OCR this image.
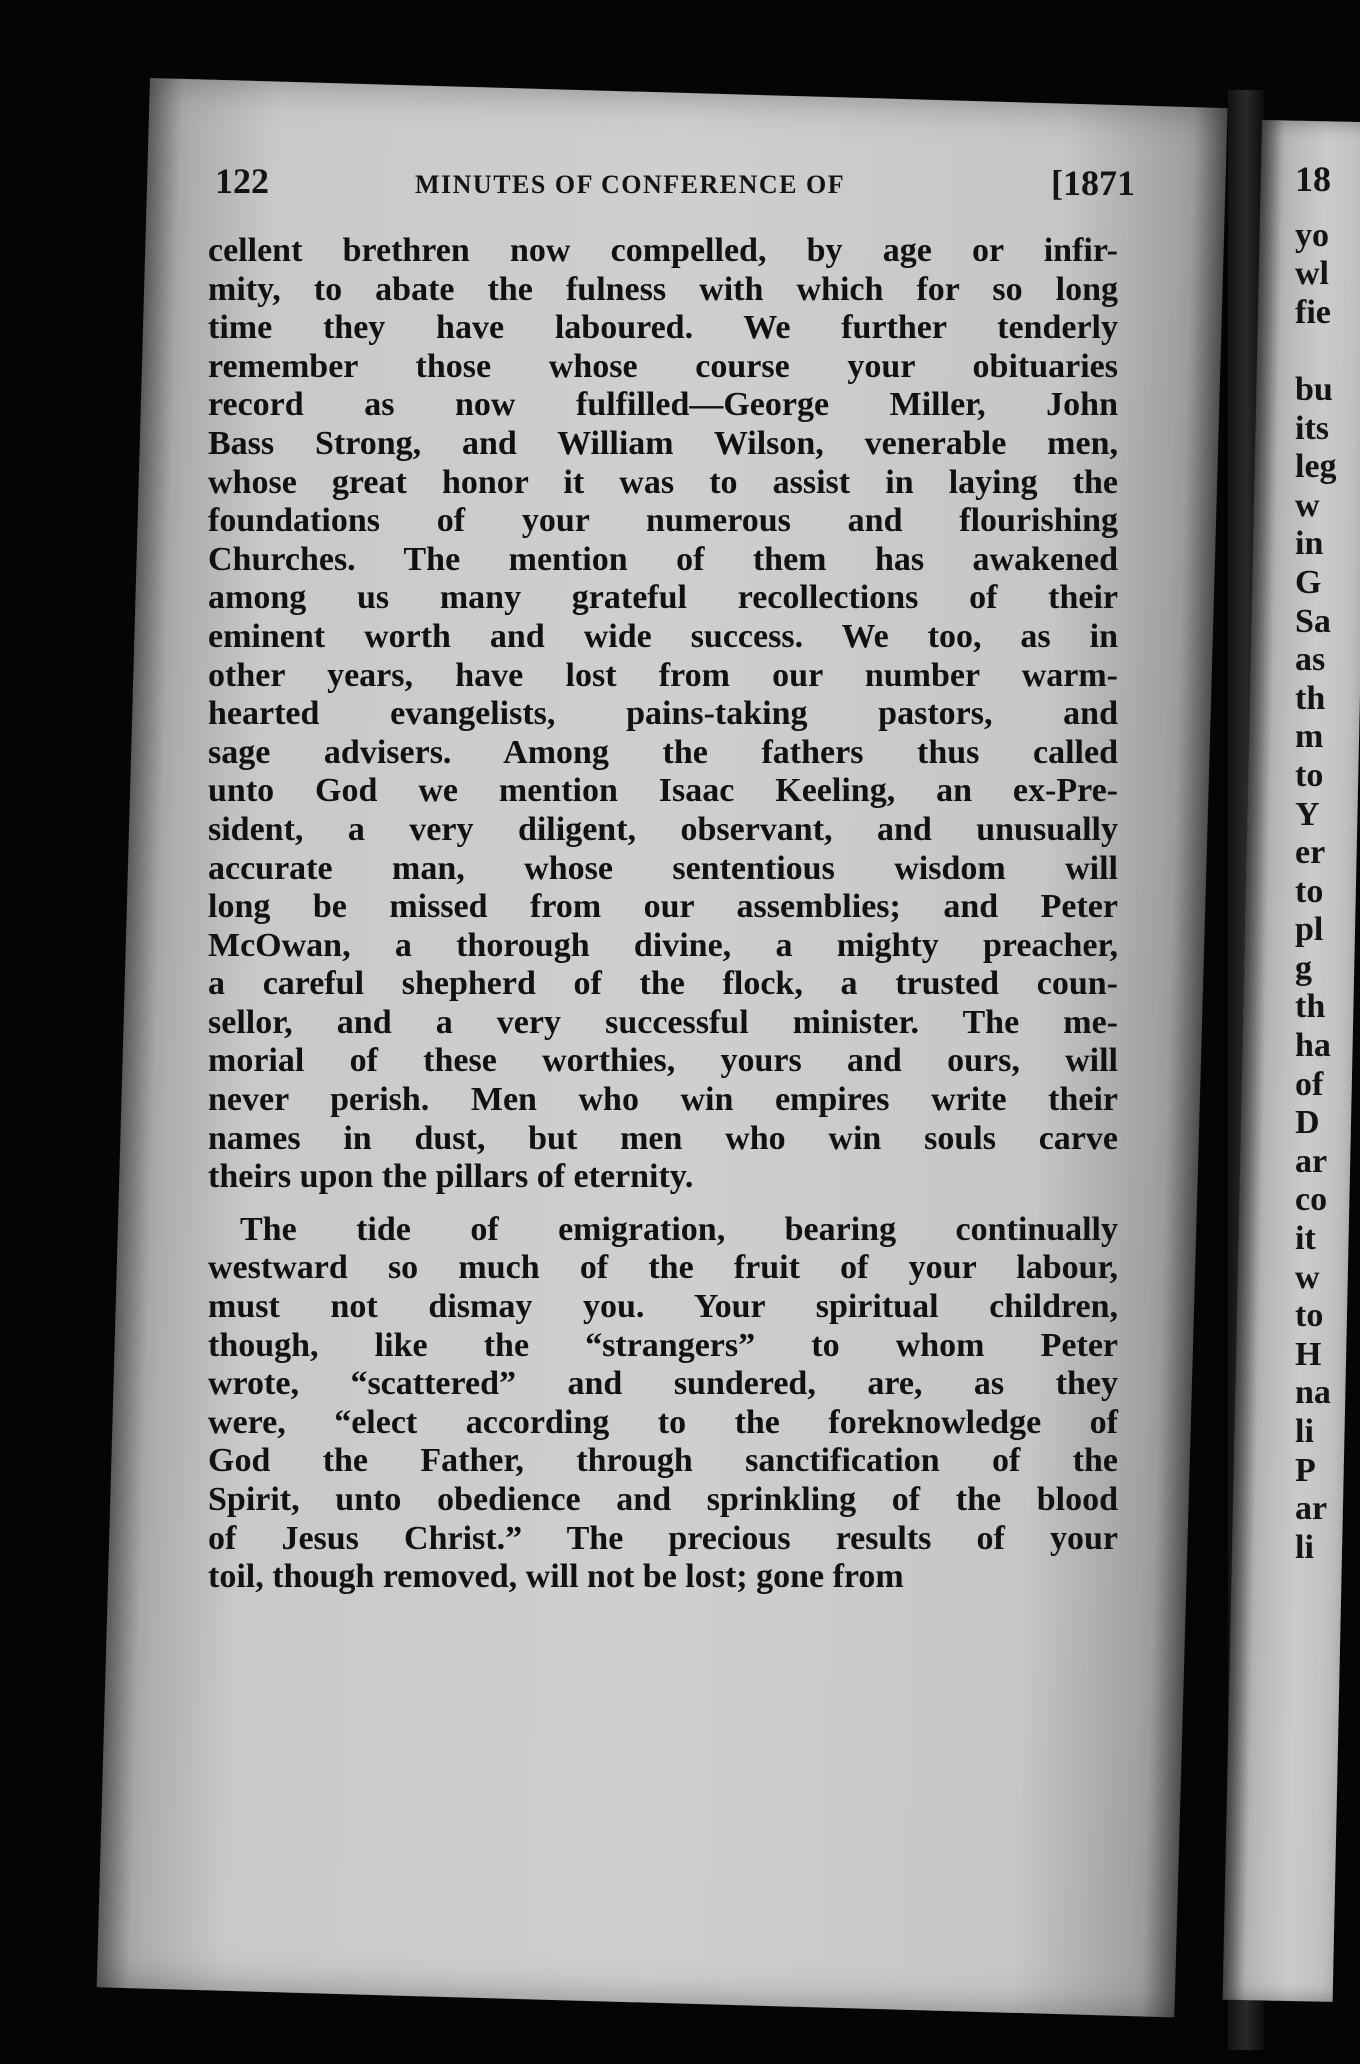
122	MINUTES OF CONFERENCE OF	[1871
cellent brethren now compelled, by age or infir-
mity, to abate the fulness with which for so long
time they have laboured. We further tenderly
remember those whose course your obituaries
record as now fulfilled—George Miller, John
Bass Strong, and William Wilson, venerable men,
whose great honor it was to assist in laying the
foundations of your numerous and flourishing
Churches. The mention of them has awakened
among us many grateful recollections of their
eminent worth and wide success. We too, as in
other years, have lost from our number warm-
hearted evangelists, pains-taking pastors, and
sage advisers. Among the fathers thus called
unto God we mention Isaac Keeling, an ex-Pre-
sident, a very diligent, observant, and unusually
accurate man, whose sententious wisdom will
long be missed from our assemblies; and Peter
McOwan, a thorough divine, a mighty preacher,
a careful shepherd of the flock, a trusted coun-
sellor, and a very successful minister. The me-
morial of these worthies, yours and ours, will
never perish. Men who win empires write their
names in dust, but men who win souls carve
theirs upon the pillars of eternity.
The tide of emigration, bearing continually
westward so much of the fruit of your labour,
must not dismay you. Your spiritual children,
though, like the “strangers” to whom Peter
wrote, “scattered” and sundered, are, as they
were, “elect according to the foreknowledge of
God the Father, through sanctification of the
Spirit, unto obedience and sprinkling of the blood
of Jesus Christ.” The precious results of your
toil, though removed, will not be lost; gone from
18
yo
wl
fie
bu
its
leg
w
in
G
Sa
as
th
m
to
Y
er
to
pl
g
th
ha
of
D
ar
co
it
w
to
H
na
li
P
ar
li
